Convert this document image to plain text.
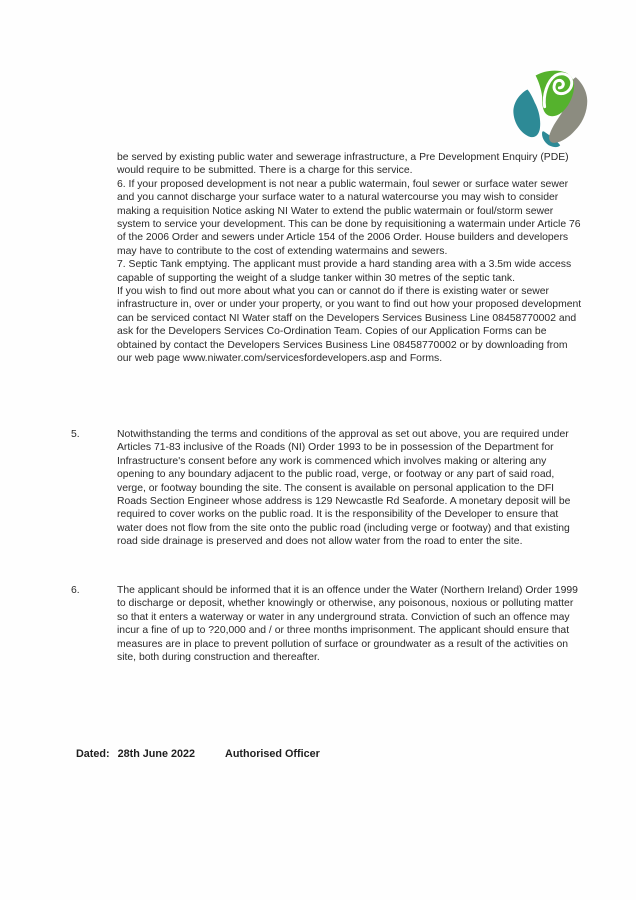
be served by existing public water and sewerage infrastructure, a Pre Development Enquiry (PDE) would require to be submitted. There is a charge for this service.

6. If your proposed development is not near a public watermain, foul sewer or surface water sewer and you cannot discharge your surface water to a natural watercourse you may wish to consider making a requisition Notice asking NI Water to extend the public watermain or foul/storm sewer system to service your development. This can be done by requisitioning a watermain under Article 76 of the 2006 Order and sewers under Article 154 of the 2006 Order. House builders and developers may have to contribute to the cost of extending watermains and sewers.

7. Septic Tank emptying. The applicant must provide a hard standing area with a 3.5m wide access capable of supporting the weight of a sludge tanker within 30 metres of the septic tank.

If you wish to find out more about what you can or cannot do if there is existing water or sewer infrastructure in, over or under your property, or you want to find out how your proposed development can be serviced contact NI Water staff on the Developers Services Business Line 08458770002 and ask for the Developers Services Co-Ordination Team. Copies of our Application Forms can be obtained by contact the Developers Services Business Line 08458770002 or by downloading from our web page www.niwater.com/servicesfordevelopers.asp and Forms.

5.	Notwithstanding the terms and conditions of the approval as set out above, you are required under Articles 71-83 inclusive of the Roads (NI) Order 1993 to be in possession of the Department for Infrastructure's consent before any work is commenced which involves making or altering any opening to any boundary adjacent to the public road, verge, or footway or any part of said road, verge, or footway bounding the site. The consent is available on personal application to the DFI Roads Section Engineer whose address is 129 Newcastle Rd Seaforde. A monetary deposit will be required to cover works on the public road. It is the responsibility of the Developer to ensure that water does not flow from the site onto the public road (including verge or footway) and that existing road side drainage is preserved and does not allow water from the road to enter the site.

6.	The applicant should be informed that it is an offence under the Water (Northern Ireland) Order 1999 to discharge or deposit, whether knowingly or otherwise, any poisonous, noxious or polluting matter so that it enters a waterway or water in any underground strata. Conviction of such an offence may incur a fine of up to ?20,000 and / or three months imprisonment. The applicant should ensure that measures are in place to prevent pollution of surface or groundwater as a result of the activities on site, both during construction and thereafter.

Dated: 28th June 2022	Authorised Officer
